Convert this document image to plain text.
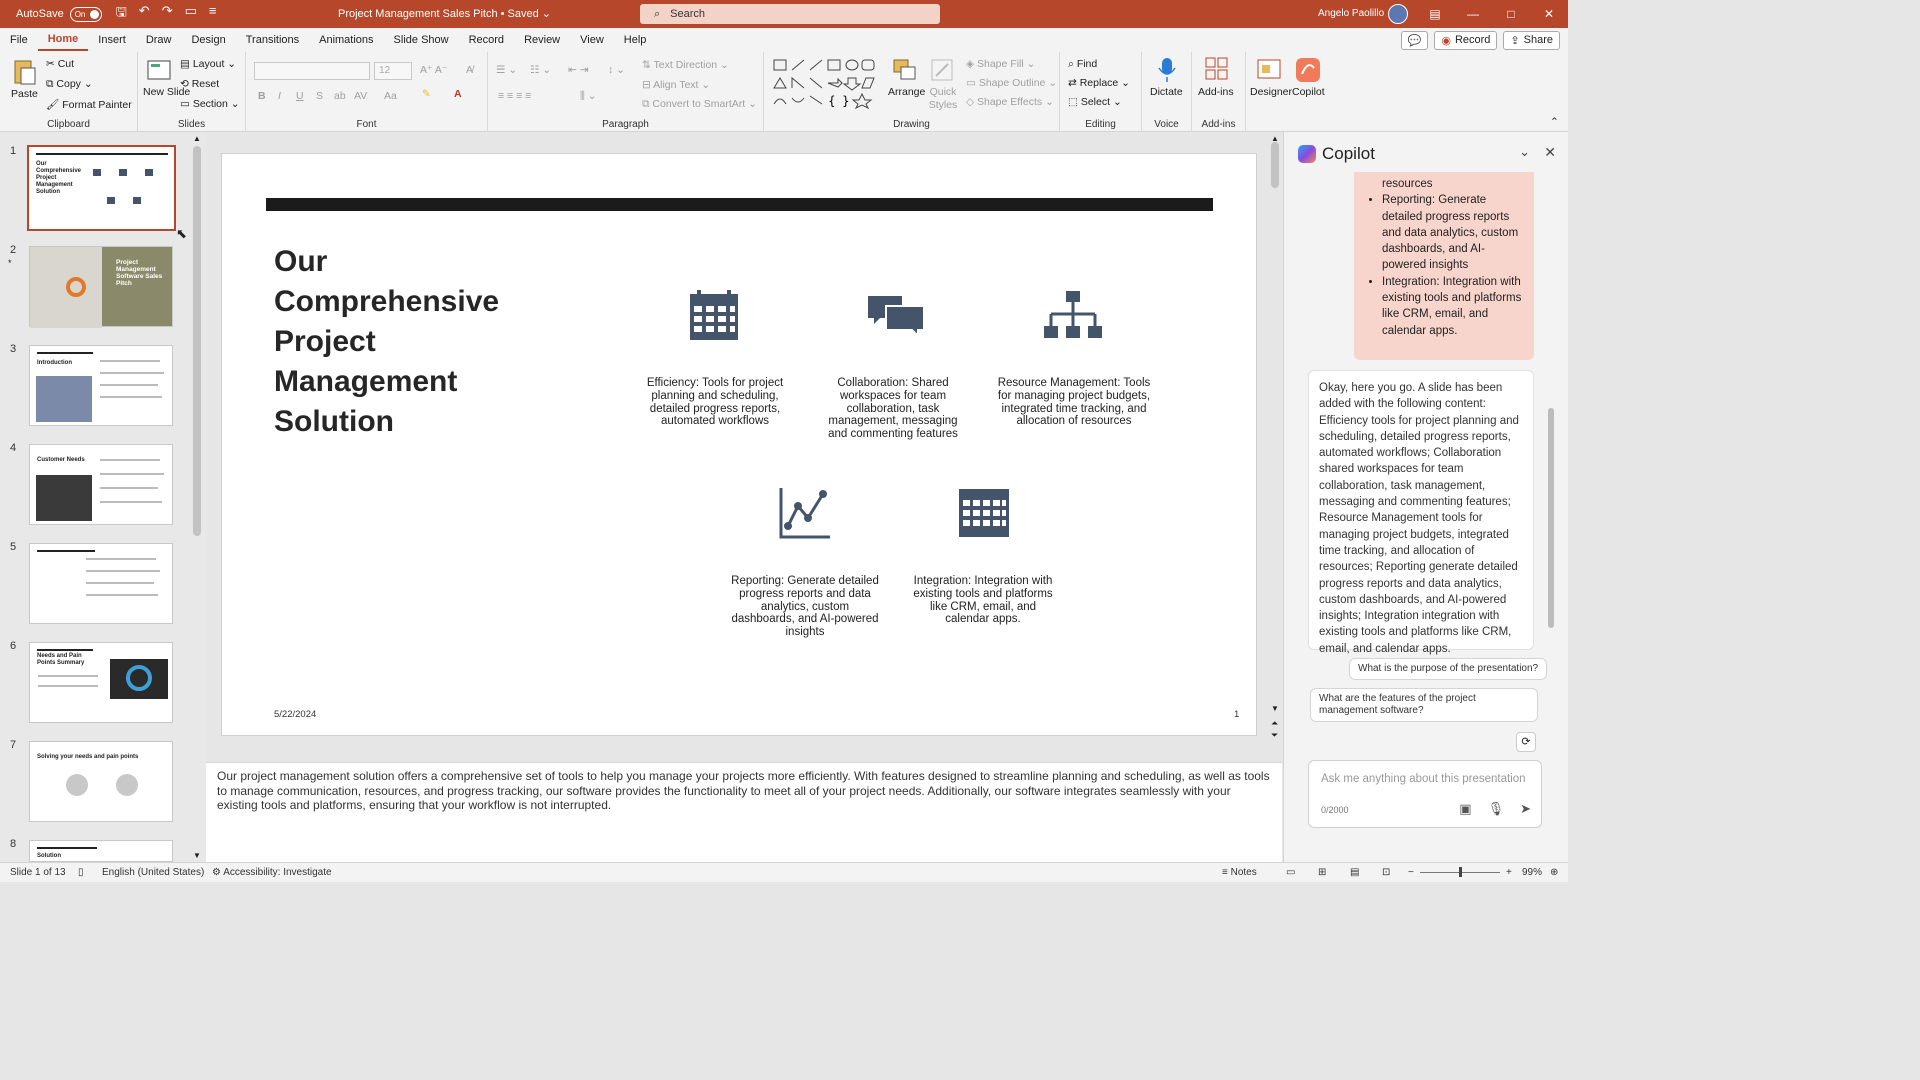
AutoSave On 🖫 ↶ ↷ ▭ ≡	Project Management Sales Pitch • Saved ⌄	⌕ Search	Angelo Paolillo	▤	—	□	✕
File	Home	Insert	Draw	Design	Transitions	Animations	Slide Show	Record	Review	View	Help	💬 ◉ Record ⇪ Share
Paste
✂ Cut
⧉ Copy ⌄
🖌 Format Painter
Clipboard
New Slide
▤ Layout ⌄
⟲ Reset
▭ Section ⌄
Slides
12	A⁺ A⁻ A̸
B I U S ab AV Aa ✎ A
Font
☰ ⌄ ☷ ⌄ ⇤ ⇥ ↕ ⌄
≡ ≡ ≡ ≡	⫼ ⌄
⇅ Text Direction ⌄
⊟ Align Text ⌄
⧉ Convert to SmartArt ⌄
Paragraph
{ }
Arrange Quick Styles
◈ Shape Fill ⌄
▭ Shape Outline ⌄
◇ Shape Effects ⌄
Drawing
⌕ Find
⇄ Replace ⌄
⬚ Select ⌄
Editing
Dictate
Voice
Add-ins
Add-ins
Designer Copilot
⌃
1
Our Comprehensive Project Management Solution
⬉
2
*	Project Management Software Sales Pitch
3
Introduction
4
Customer Needs
5
6
Needs and Pain Points Summary
7
Solving your needs and pain points
8
Solution
▲
▼
Our Comprehensive Project Management Solution
Efficiency: Tools for project planning and scheduling, detailed progress reports, automated workflows
Collaboration: Shared workspaces for team collaboration, task management, messaging and commenting features
Resource Management: Tools for managing project budgets, integrated time tracking, and allocation of resources
Reporting: Generate detailed progress reports and data analytics, custom dashboards, and AI-powered insights
Integration: Integration with existing tools and platforms like CRM, email, and calendar apps.
5/22/2024	1
▲
▼
⏶
⏷
Our project management solution offers a comprehensive set of tools to help you manage your projects more efficiently. With features designed to streamline planning and scheduling, as well as tools to manage communication, resources, and progress tracking, our software provides the functionality to meet all of your project needs. Additionally, our software integrates seamlessly with your existing tools and platforms, ensuring that your workflow is not interrupted.
Copilot	⌄ ✕
resources
• Reporting: Generate detailed progress reports and data analytics, custom dashboards, and AI-powered insights
• Integration: Integration with existing tools and platforms like CRM, email, and calendar apps.
Okay, here you go. A slide has been added with the following content: Efficiency tools for project planning and scheduling, detailed progress reports, automated workflows; Collaboration shared workspaces for team collaboration, task management, messaging and commenting features; Resource Management tools for managing project budgets, integrated time tracking, and allocation of resources; Reporting generate detailed progress reports and data analytics, custom dashboards, and AI-powered insights; Integration integration with existing tools and platforms like CRM, email, and calendar apps.
What is the purpose of the presentation?
What are the features of the project management software?
⟳
Ask me anything about this presentation
0/2000	▣ 🎙 ➤
Slide 1 of 13 ▯ English (United States) ⚙ Accessibility: Investigate	≡ Notes	▭ ⊞ ▤ ⊡ −	+ 99% ⊕
